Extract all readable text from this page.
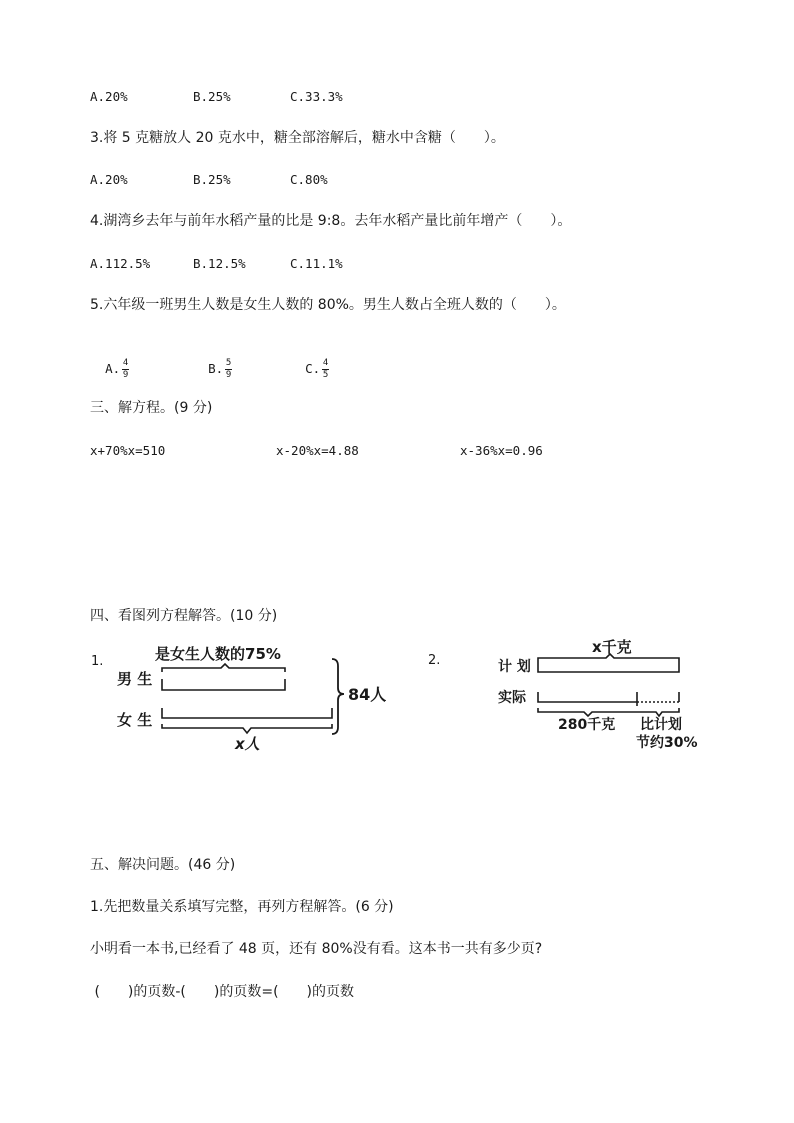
A.20%	B.25%	C.33.3%
3.将 5 克糖放人 20 克水中，糖全部溶解后，糖水中含糖（　　）。
A.20%	B.25%	C.80%
4.湖湾乡去年与前年水稻产量的比是 9:8。去年水稻产量比前年增产（　　）。
A.112.5%	B.12.5%	C.11.1%
5.六年级一班男生人数是女生人数的 80%。男生人数占全班人数的（　　）。

A. $\frac{4}{9}$	B. $\frac{5}{9}$	C. $\frac{4}{5}$

三、解方程。(9 分)
x+70%x=510	x-20%x=4.88	x-36%x=0.96
四、看图列方程解答。(10 分)
1.	是女生人数的75%
男 生
女 生
x人
84人
2.
x千克
计 划
实际
280千克 比计划
节约30%
五、解决问题。(46 分)
1.先把数量关系填写完整，再列方程解答。(6 分)
小明看一本书,已经看了 48 页，还有 80%没有看。这本书一共有多少页?
(　　)的页数-(　　)的页数=(　　)的页数
